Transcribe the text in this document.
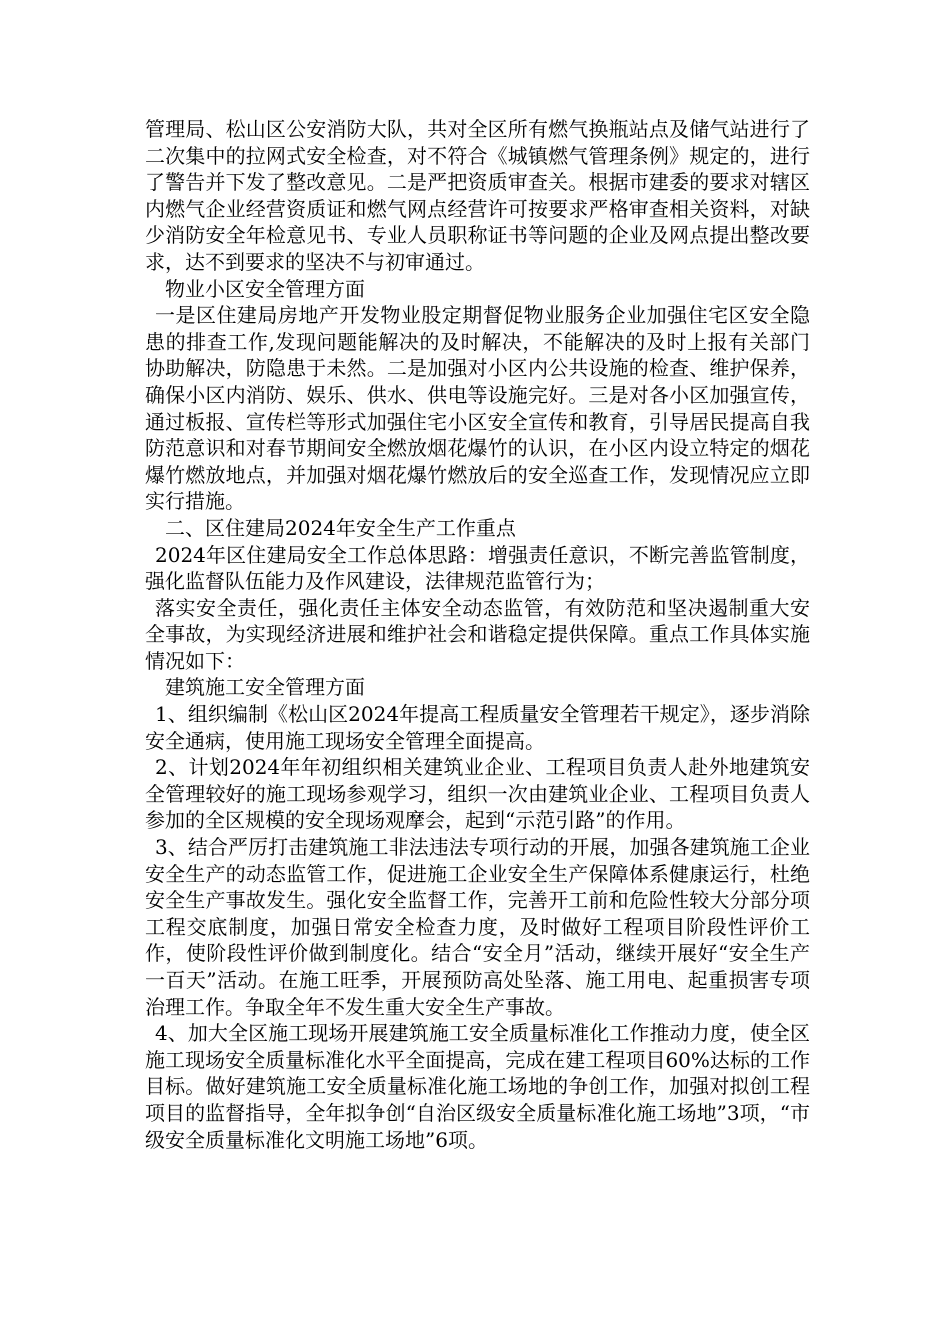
管理局、松山区公安消防大队，共对全区所有燃气换瓶站点及储气站进行了二次集中的拉网式安全检查，对不符合《城镇燃气管理条例》规定的，进行了警告并下发了整改意见。二是严把资质审查关。根据市建委的要求对辖区内燃气企业经营资质证和燃气网点经营许可按要求严格审查相关资料，对缺少消防安全年检意见书、专业人员职称证书等问题的企业及网点提出整改要求，达不到要求的坚决不与初审通过。

物业小区安全管理方面

一是区住建局房地产开发物业股定期督促物业服务企业加强住宅区安全隐患的排查工作,发现问题能解决的及时解决，不能解决的及时上报有关部门协助解决，防隐患于未然。二是加强对小区内公共设施的检查、维护保养，确保小区内消防、娱乐、供水、供电等设施完好。三是对各小区加强宣传，通过板报、宣传栏等形式加强住宅小区安全宣传和教育，引导居民提高自我防范意识和对春节期间安全燃放烟花爆竹的认识，在小区内设立特定的烟花爆竹燃放地点，并加强对烟花爆竹燃放后的安全巡查工作，发现情况应立即实行措施。

二、区住建局2024年安全生产工作重点

2024年区住建局安全工作总体思路：增强责任意识，不断完善监管制度，强化监督队伍能力及作风建设，法律规范监管行为；

落实安全责任，强化责任主体安全动态监管，有效防范和坚决遏制重大安全事故，为实现经济进展和维护社会和谐稳定提供保障。重点工作具体实施情况如下：

建筑施工安全管理方面

1、组织编制《松山区2024年提高工程质量安全管理若干规定》，逐步消除安全通病，使用施工现场安全管理全面提高。

2、计划2024年年初组织相关建筑业企业、工程项目负责人赴外地建筑安全管理较好的施工现场参观学习，组织一次由建筑业企业、工程项目负责人参加的全区规模的安全现场观摩会，起到“示范引路”的作用。

3、结合严厉打击建筑施工非法违法专项行动的开展，加强各建筑施工企业安全生产的动态监管工作，促进施工企业安全生产保障体系健康运行，杜绝安全生产事故发生。强化安全监督工作，完善开工前和危险性较大分部分项工程交底制度，加强日常安全检查力度，及时做好工程项目阶段性评价工作，使阶段性评价做到制度化。结合“安全月”活动，继续开展好“安全生产一百天”活动。在施工旺季，开展预防高处坠落、施工用电、起重损害专项治理工作。争取全年不发生重大安全生产事故。

4、加大全区施工现场开展建筑施工安全质量标准化工作推动力度，使全区施工现场安全质量标准化水平全面提高，完成在建工程项目60%达标的工作目标。做好建筑施工安全质量标准化施工场地的争创工作，加强对拟创工程项目的监督指导，全年拟争创“自治区级安全质量标准化施工场地”3项，“市级安全质量标准化文明施工场地”6项。
